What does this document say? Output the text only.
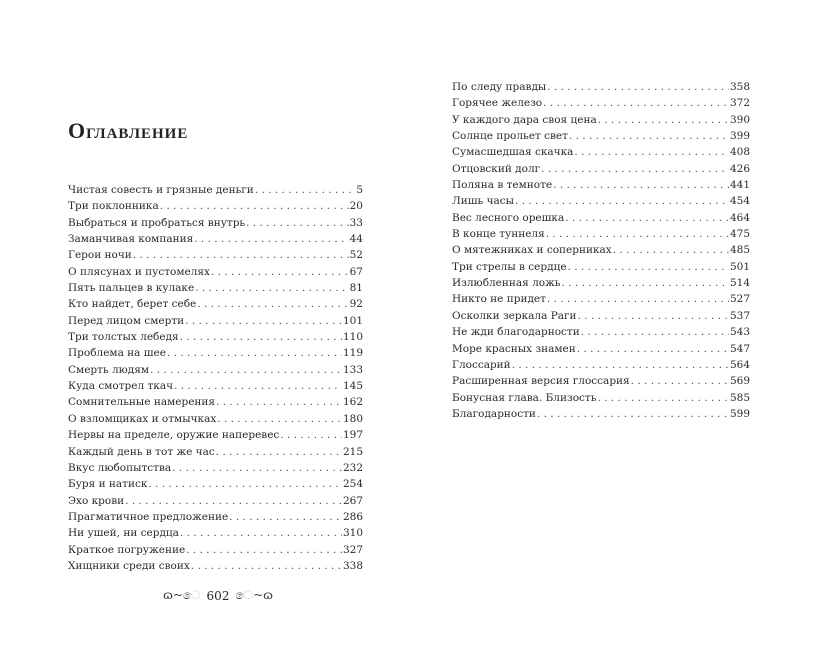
Оглавление
Чистая совесть и грязные деньги . . .	5
Три поклонника . . .	20
Выбраться и пробраться внутрь . . .	33
Заманчивая компания . . .	44
Герои ночи . . .	52
О плясунах и пустомелях . . .	67
Пять пальцев в кулаке . . .	81
Кто найдет, берет себе . . .	92
Перед лицом смерти . . .	101
Три толстых лебедя . . .	110
Проблема на шее . . .	119
Смерть людям . . .	133
Куда смотрел ткач . . .	145
Сомнительные намерения . . .	162
О взломщиках и отмычках . . .	180
Нервы на пределе, оружие наперевес . . .	197
Каждый день в тот же час . . .	215
Вкус любопытства . . .	232
Буря и натиск . . .	254
Эхо крови . . .	267
Прагматичное предложение . . .	286
Ни ушей, ни сердца . . .	310
Краткое погружение . . .	327
Хищники среди своих . . .	338
По следу правды . . .	358
Горячее железо . . .	372
У каждого дара своя цена . . .	390
Солнце прольет свет . . .	399
Сумасшедшая скачка . . .	408
Отцовский долг . . .	426
Поляна в темноте . . .	441
Лишь часы . . .	454
Вес лесного орешка . . .	464
В конце туннеля . . .	475
О мятежниках и соперниках . . .	485
Три стрелы в сердце . . .	501
Излюбленная ложь . . .	514
Никто не придет . . .	527
Осколки зеркала Раги . . .	537
Не жди благодарности . . .	543
Море красных знамен . . .	547
Глоссарий . . .	564
Расширенная версия глоссария . . .	569
Бонусная глава. Близость . . .	585
Благодарности . . .	599
ɷ~ෙ 602 ෙ~ɷ
